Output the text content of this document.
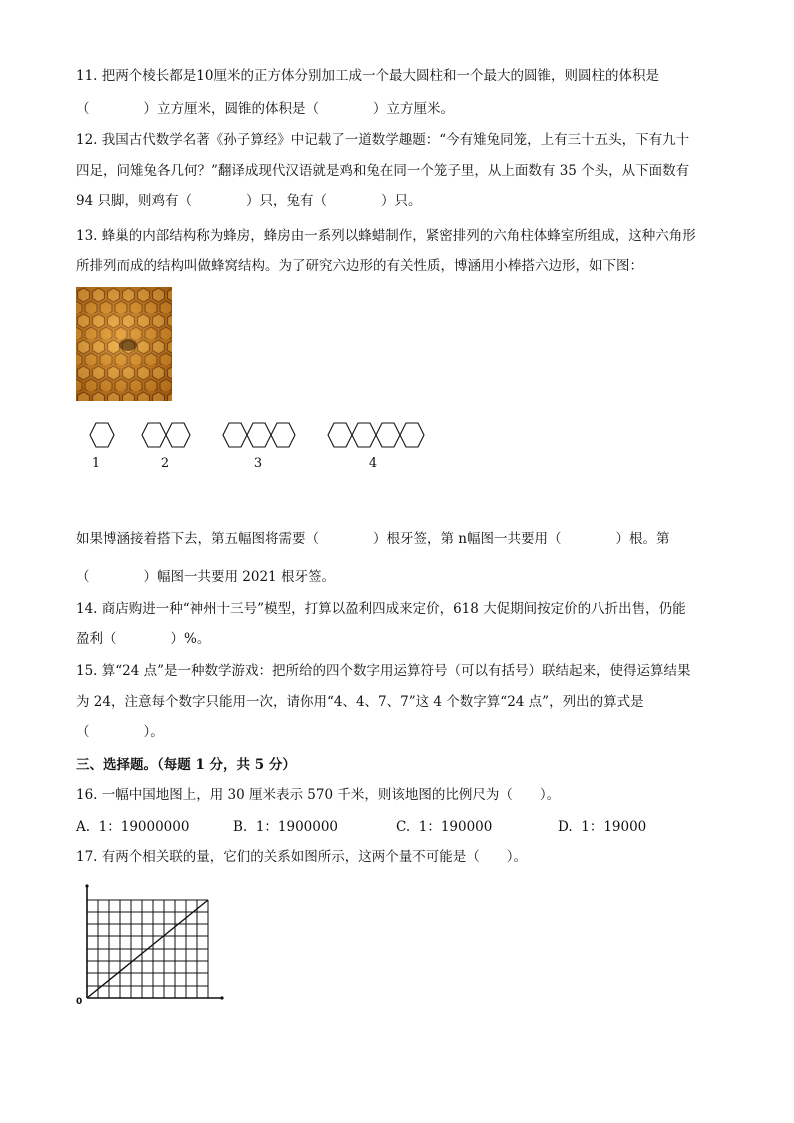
11. 把两个棱长都是10厘米的正方体分别加工成一个最大圆柱和一个最大的圆锥，则圆柱的体积是
（　　　　）立方厘米，圆锥的体积是（　　　　）立方厘米。
12. 我国古代数学名著《孙子算经》中记载了一道数学趣题：“今有雉兔同笼，上有三十五头，下有九十
四足，问雉兔各几何？”翻译成现代汉语就是鸡和兔在同一个笼子里，从上面数有 35 个头，从下面数有
94 只脚，则鸡有（　　　　）只，兔有（　　　　）只。
13. 蜂巢的内部结构称为蜂房，蜂房由一系列以蜂蜡制作，紧密排列的六角柱体蜂室所组成，这种六角形
所排列而成的结构叫做蜂窝结构。为了研究六边形的有关性质，博涵用小棒搭六边形，如下图：
1	2	3	4
如果博涵接着搭下去，第五幅图将需要（　　　　）根牙签，第 n幅图一共要用（　　　　）根。第
（　　　　）幅图一共要用 2021 根牙签。
14. 商店购进一种“神州十三号”模型，打算以盈利四成来定价，618 大促期间按定价的八折出售，仍能
盈利（　　　　）%。
15. 算“24 点”是一种数学游戏：把所给的四个数字用运算符号（可以有括号）联结起来，使得运算结果
为 24，注意每个数字只能用一次，请你用“4、4、7、7”这 4 个数字算“24 点”，列出的算式是
（　　　　）。
三、选择题。（每题 1 分，共 5 分）
16. 一幅中国地图上，用 30 厘米表示 570 千米，则该地图的比例尺为（　　）。
A. 1：19000000	B. 1：1900000	C. 1：190000	D. 1：19000
17. 有两个相关联的量，它们的关系如图所示，这两个量不可能是（　　）。
0
